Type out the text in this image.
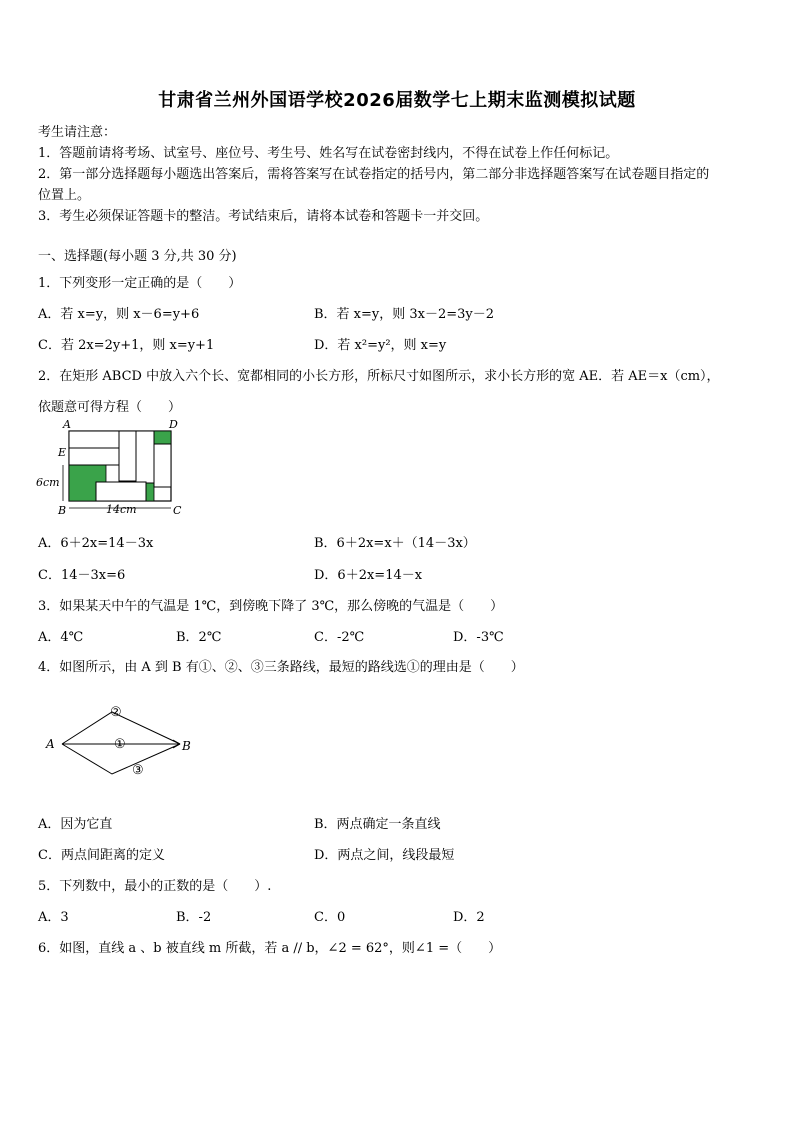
甘肃省兰州外国语学校2026届数学七上期末监测模拟试题
考生请注意：
1．答题前请将考场、试室号、座位号、考生号、姓名写在试卷密封线内，不得在试卷上作任何标记。
2．第一部分选择题每小题选出答案后，需将答案写在试卷指定的括号内，第二部分非选择题答案写在试卷题目指定的
位置上。
3．考生必须保证答题卡的整洁。考试结束后，请将本试卷和答题卡一并交回。
一、选择题(每小题 3 分,共 30 分)
1．下列变形一定正确的是（　　）
A．若 x=y，则 x－6=y+6	B．若 x=y，则 3x－2=3y－2
C．若 2x=2y+1，则 x=y+1	D．若 x²=y²，则 x=y
2．在矩形 ABCD 中放入六个长、宽都相同的小长方形，所标尺寸如图所示，求小长方形的宽 AE．若 AE＝x（cm），
依题意可得方程（　　）
A	D
E
6cm
B	14cm	C
A．6＋2x=14－3x	B．6＋2x=x＋（14－3x）
C．14－3x=6	D．6＋2x=14－x
3．如果某天中午的气温是 1℃，到傍晚下降了 3℃，那么傍晚的气温是（　　）
A．4℃	B．2℃	C．-2℃	D．-3℃
4．如图所示，由 A 到 B 有①、②、③三条路线，最短的路线选①的理由是（　　）
A	B
①
②
③
A．因为它直	B．两点确定一条直线
C．两点间距离的定义	D．两点之间，线段最短
5．下列数中，最小的正数的是（　　）.
A．3	B．-2	C．0	D．2
6．如图，直线 a 、b 被直线 m 所截，若 a // b，∠2 = 62°，则∠1 =（　　）
